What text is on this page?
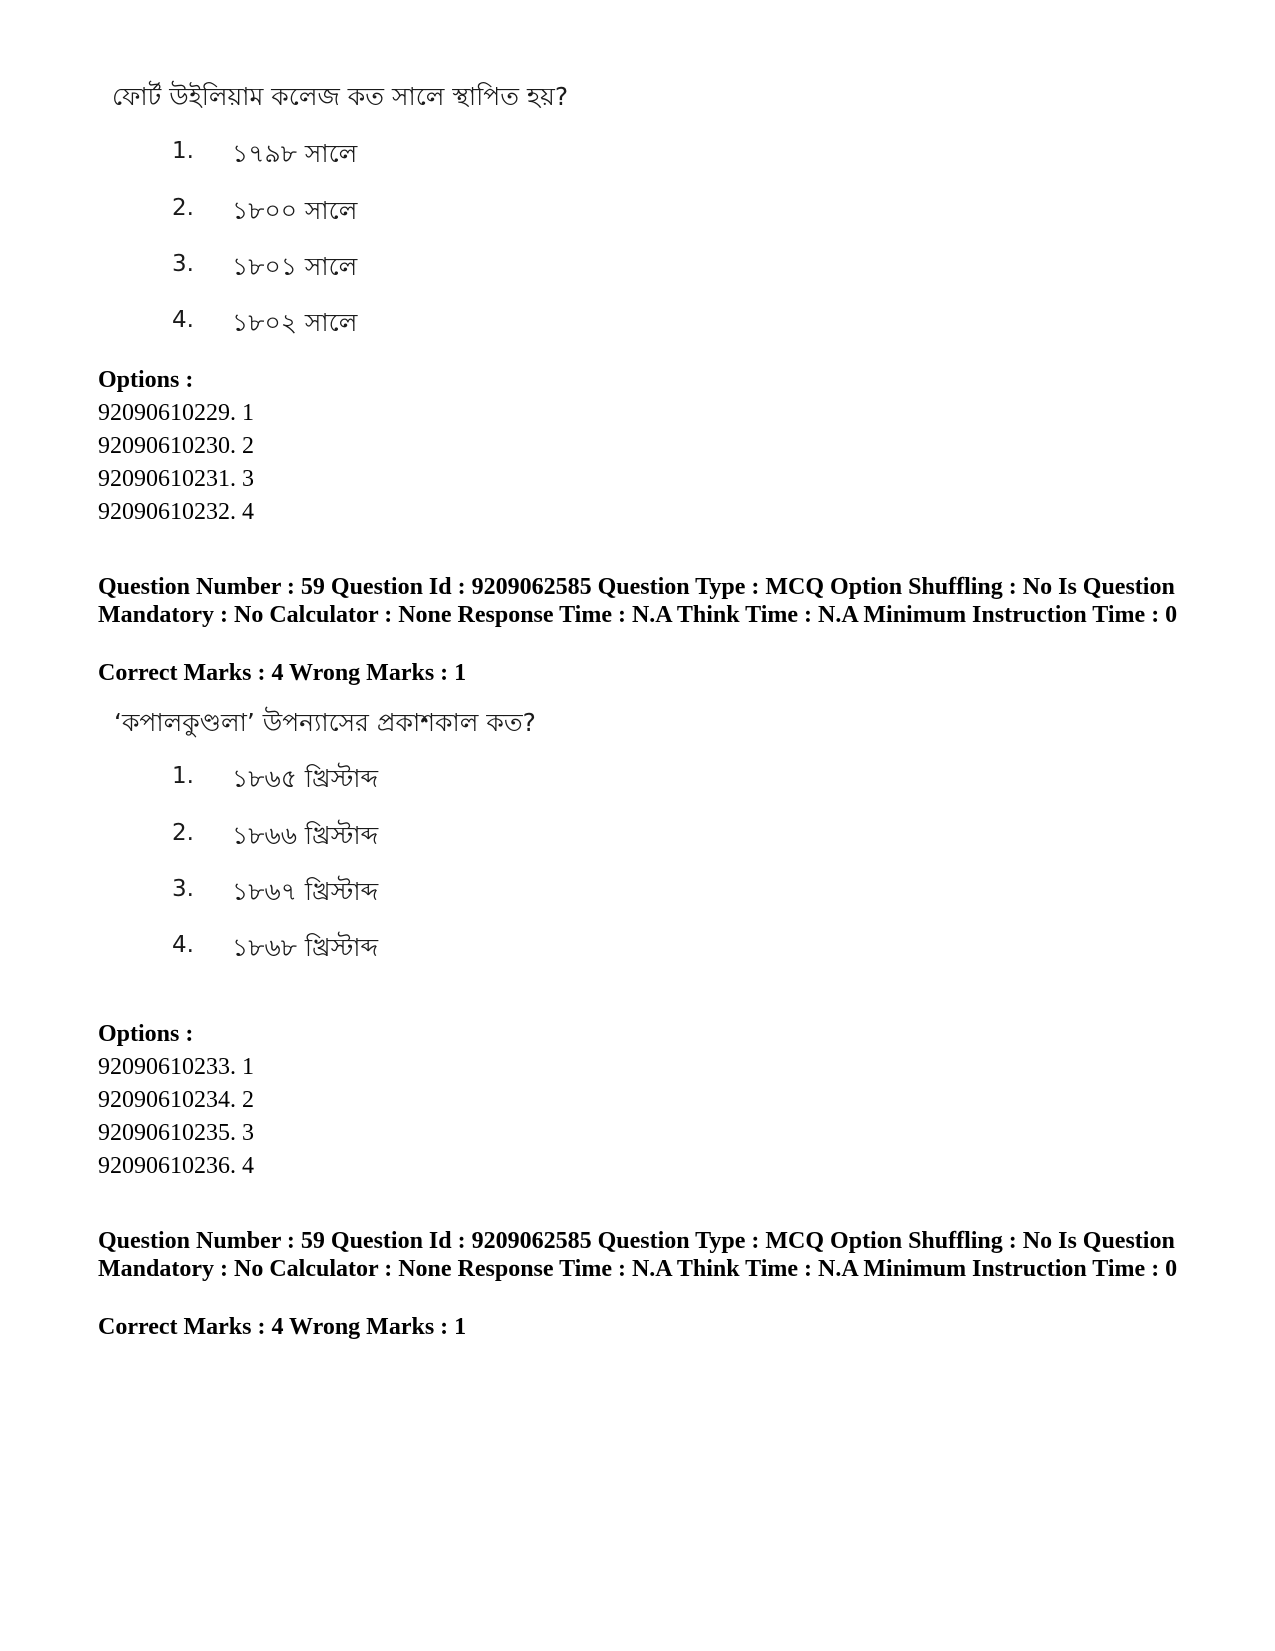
ফোর্ট উইলিয়াম কলেজ কত সালে স্থাপিত হয়?
1. ১৭৯৮ সালে
2. ১৮০০ সালে
3. ১৮০১ সালে
4. ১৮০২ সালে
Options :
92090610229. 1
92090610230. 2
92090610231. 3
92090610232. 4
Question Number : 59 Question Id : 9209062585 Question Type : MCQ Option Shuffling : No Is Question Mandatory : No Calculator : None Response Time : N.A Think Time : N.A Minimum Instruction Time : 0
Correct Marks : 4 Wrong Marks : 1
‘কপালকুণ্ডলা’ উপন্যাসের প্রকাশকাল কত?
1. ১৮৬৫ খ্রিস্টাব্দ
2. ১৮৬৬ খ্রিস্টাব্দ
3. ১৮৬৭ খ্রিস্টাব্দ
4. ১৮৬৮ খ্রিস্টাব্দ
Options :
92090610233. 1
92090610234. 2
92090610235. 3
92090610236. 4
Question Number : 59 Question Id : 9209062585 Question Type : MCQ Option Shuffling : No Is Question Mandatory : No Calculator : None Response Time : N.A Think Time : N.A Minimum Instruction Time : 0
Correct Marks : 4 Wrong Marks : 1
